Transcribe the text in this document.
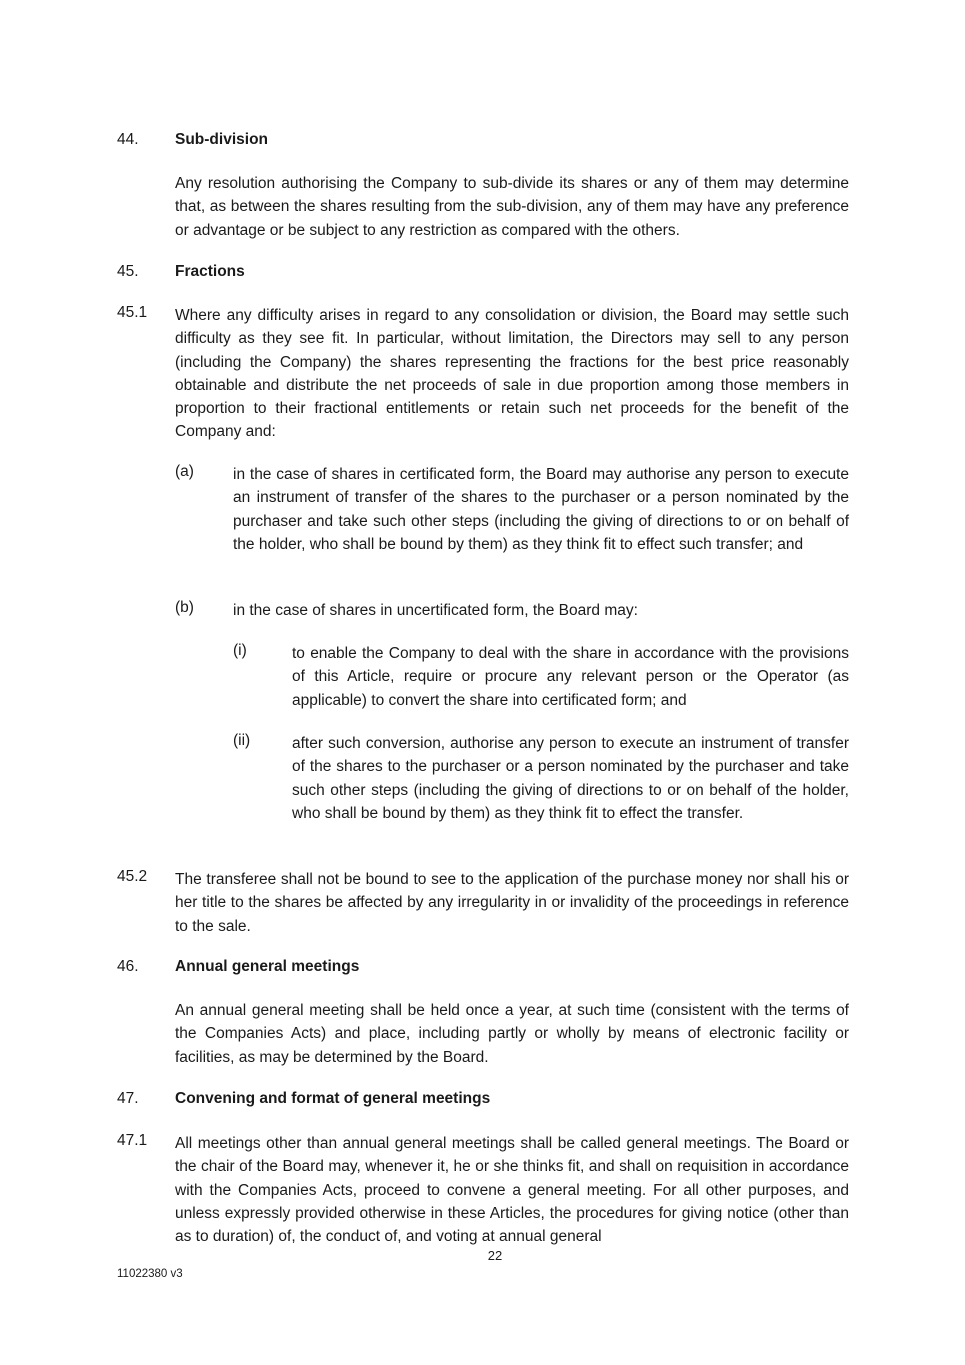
44. Sub-division
Any resolution authorising the Company to sub-divide its shares or any of them may determine that, as between the shares resulting from the sub-division, any of them may have any preference or advantage or be subject to any restriction as compared with the others.
45. Fractions
45.1 Where any difficulty arises in regard to any consolidation or division, the Board may settle such difficulty as they see fit. In particular, without limitation, the Directors may sell to any person (including the Company) the shares representing the fractions for the best price reasonably obtainable and distribute the net proceeds of sale in due proportion among those members in proportion to their fractional entitlements or retain such net proceeds for the benefit of the Company and:
(a)	in the case of shares in certificated form, the Board may authorise any person to execute an instrument of transfer of the shares to the purchaser or a person nominated by the purchaser and take such other steps (including the giving of directions to or on behalf of the holder, who shall be bound by them) as they think fit to effect such transfer; and
(b)	in the case of shares in uncertificated form, the Board may:
(i)	to enable the Company to deal with the share in accordance with the provisions of this Article, require or procure any relevant person or the Operator (as applicable) to convert the share into certificated form; and
(ii)	after such conversion, authorise any person to execute an instrument of transfer of the shares to the purchaser or a person nominated by the purchaser and take such other steps (including the giving of directions to or on behalf of the holder, who shall be bound by them) as they think fit to effect the transfer.
45.2 The transferee shall not be bound to see to the application of the purchase money nor shall his or her title to the shares be affected by any irregularity in or invalidity of the proceedings in reference to the sale.
46. Annual general meetings
An annual general meeting shall be held once a year, at such time (consistent with the terms of the Companies Acts) and place, including partly or wholly by means of electronic facility or facilities, as may be determined by the Board.
47. Convening and format of general meetings
47.1 All meetings other than annual general meetings shall be called general meetings. The Board or the chair of the Board may, whenever it, he or she thinks fit, and shall on requisition in accordance with the Companies Acts, proceed to convene a general meeting. For all other purposes, and unless expressly provided otherwise in these Articles, the procedures for giving notice (other than as to duration) of, the conduct of, and voting at annual general
22
11022380 v3
